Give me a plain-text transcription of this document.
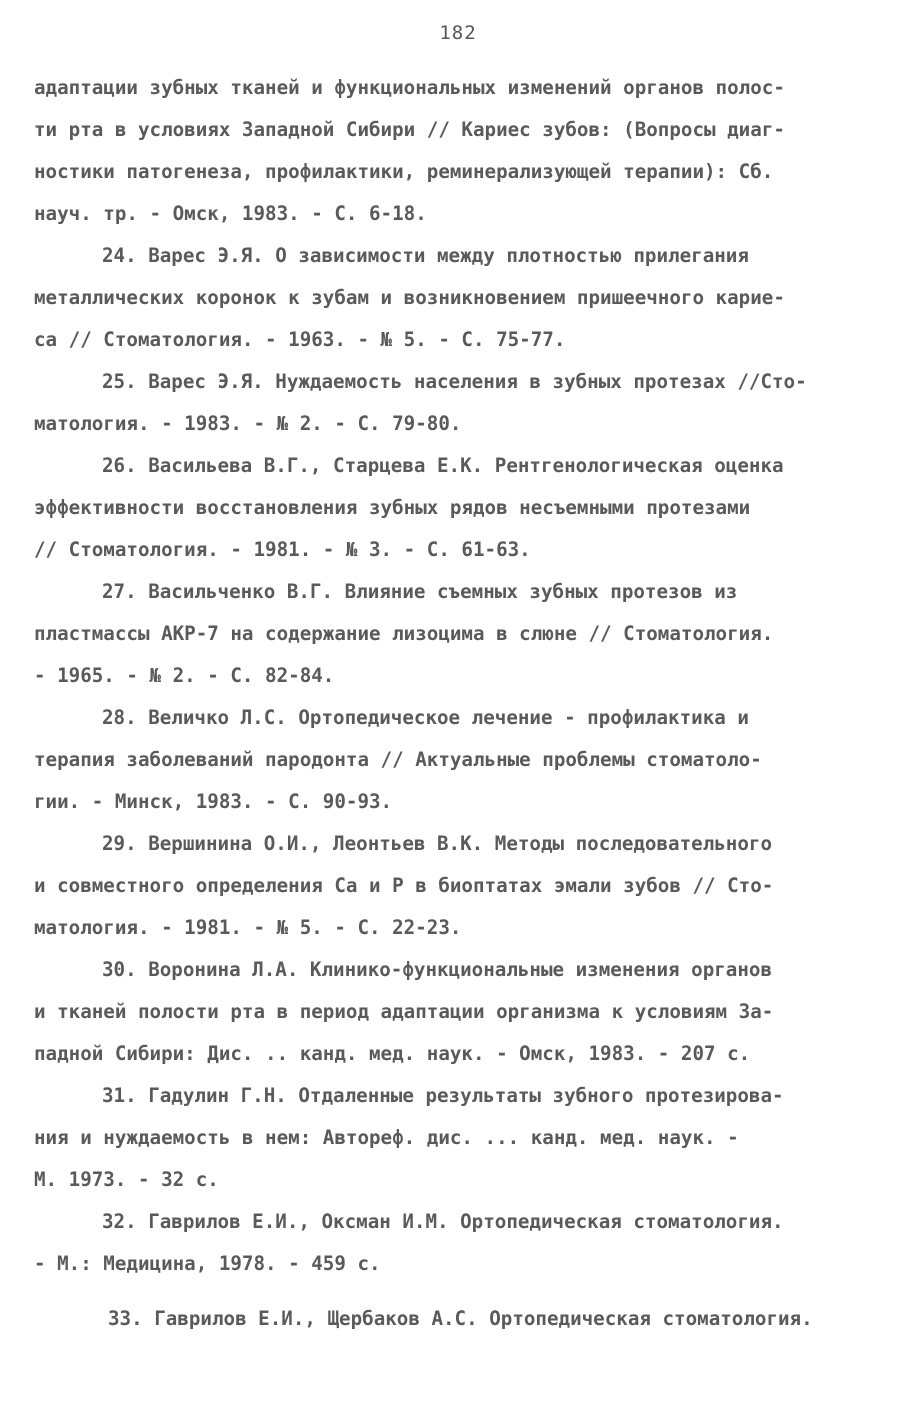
182
адаптации зубных тканей и функциональных изменений органов полос-
ти рта в условиях Западной Сибири // Кариес зубов: (Вопросы диаг-
ностики патогенеза, профилактики, реминерализующей терапии): Сб.
науч. тр. - Омск, 1983. - С. 6-18.
24. Варес Э.Я. О зависимости между плотностью прилегания
металлических коронок к зубам и возникновением пришеечного карие-
са // Стоматология. - 1963. - № 5. - С. 75-77.
25. Варес Э.Я. Нуждаемость населения в зубных протезах //Сто-
матология. - 1983. - № 2. - С. 79-80.
26. Васильева В.Г., Старцева Е.К. Рентгенологическая оценка
эффективности восстановления зубных рядов несъемными протезами
// Стоматология. - 1981. - № 3. - С. 61-63.
27. Васильченко В.Г. Влияние съемных зубных протезов из
пластмассы АКР-7 на содержание лизоцима в слюне // Стоматология.
- 1965. - № 2. - С. 82-84.
28. Величко Л.С. Ортопедическое лечение - профилактика и
терапия заболеваний пародонта // Актуальные проблемы стоматоло-
гии. - Минск, 1983. - С. 90-93.
29. Вершинина О.И., Леонтьев В.К. Методы последовательного
и совместного определения Са и Р в биоптатах эмали зубов // Сто-
матология. - 1981. - № 5. - С. 22-23.
30. Воронина Л.А. Клинико-функциональные изменения органов
и тканей полости рта в период адаптации организма к условиям За-
падной Сибири: Дис. .. канд. мед. наук. - Омск, 1983. - 207 с.
31. Гадулин Г.Н. Отдаленные результаты зубного протезирова-
ния и нуждаемость в нем: Автореф. дис. ... канд. мед. наук. -
М. 1973. - 32 с.
32. Гаврилов Е.И., Оксман И.М. Ортопедическая стоматология.
- М.: Медицина, 1978. - 459 с.
33. Гаврилов Е.И., Щербаков А.С. Ортопедическая стоматология.
